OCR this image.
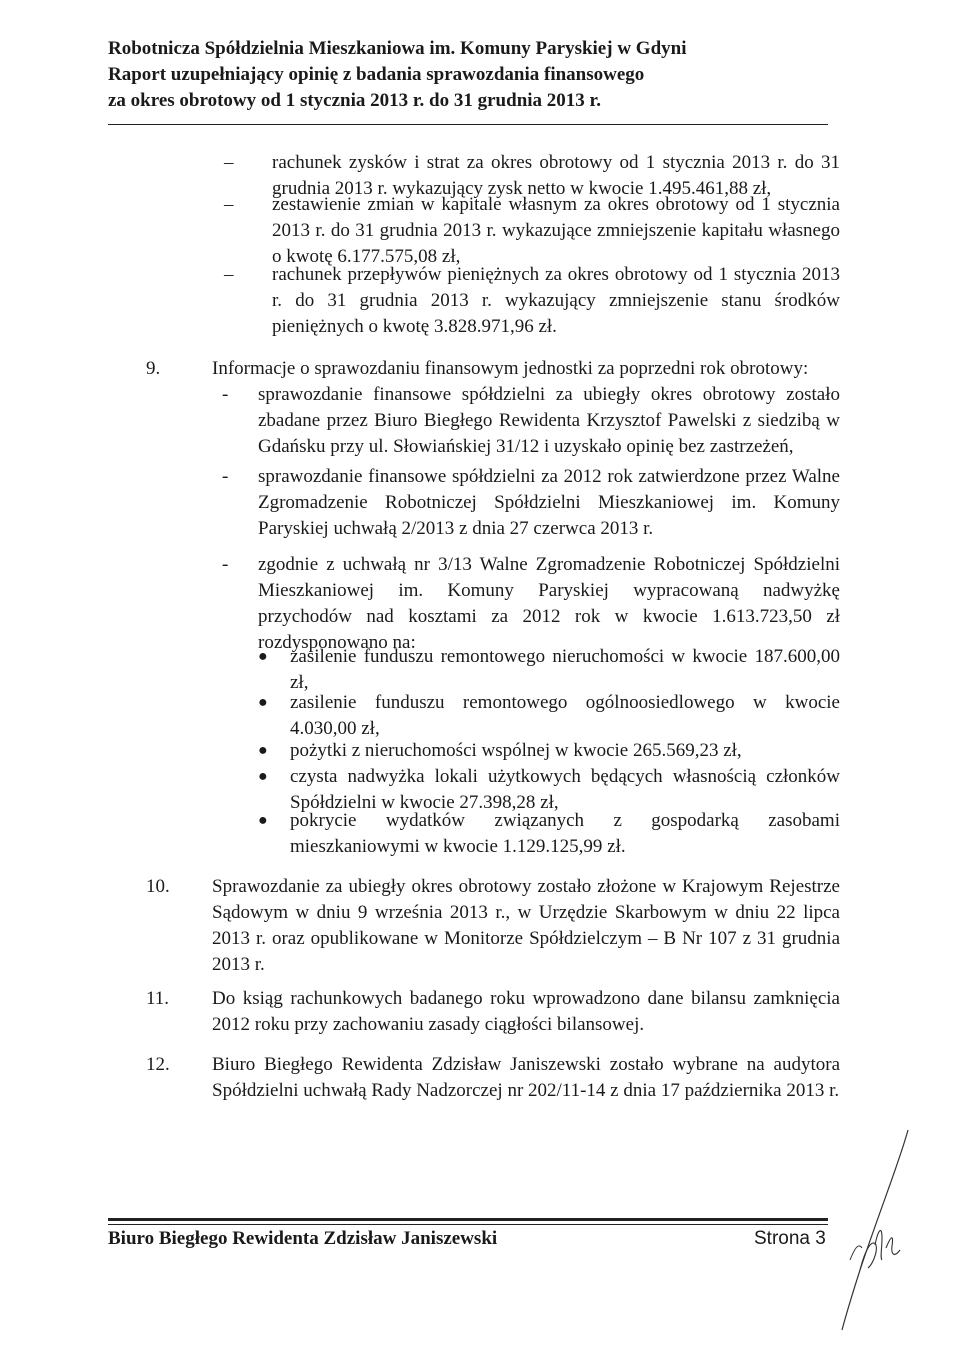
Robotnicza Spółdzielnia Mieszkaniowa im. Komuny Paryskiej w Gdyni
Raport uzupełniający opinię z badania sprawozdania finansowego
za okres obrotowy od 1 stycznia 2013 r. do 31 grudnia 2013 r.
–	rachunek zysków i strat za okres obrotowy od 1 stycznia 2013 r. do 31 grudnia 2013 r. wykazujący zysk netto w kwocie 1.495.461,88 zł,
–	zestawienie zmian w kapitale własnym za okres obrotowy od 1 stycznia 2013 r. do 31 grudnia 2013 r. wykazujące zmniejszenie kapitału własnego o kwotę 6.177.575,08 zł,
–	rachunek przepływów pieniężnych za okres obrotowy od 1 stycznia 2013 r. do 31 grudnia 2013 r. wykazujący zmniejszenie stanu środków pieniężnych o kwotę 3.828.971,96 zł.
9.	Informacje o sprawozdaniu finansowym jednostki za poprzedni rok obrotowy:
-	sprawozdanie finansowe spółdzielni za ubiegły okres obrotowy zostało zbadane przez Biuro Biegłego Rewidenta Krzysztof Pawelski z siedzibą w Gdańsku przy ul. Słowiańskiej 31/12 i uzyskało opinię bez zastrzeżeń,
-	sprawozdanie finansowe spółdzielni za 2012 rok zatwierdzone przez Walne Zgromadzenie Robotniczej Spółdzielni Mieszkaniowej im. Komuny Paryskiej uchwałą 2/2013 z dnia 27 czerwca 2013 r.
-	zgodnie z uchwałą nr 3/13 Walne Zgromadzenie Robotniczej Spółdzielni Mieszkaniowej im. Komuny Paryskiej wypracowaną nadwyżkę przychodów nad kosztami za 2012 rok w kwocie 1.613.723,50 zł rozdysponowano na:
● zasilenie funduszu remontowego nieruchomości w kwocie 187.600,00 zł,
● zasilenie funduszu remontowego ogólnoosiedlowego w kwocie 4.030,00 zł,
● pożytki z nieruchomości wspólnej w kwocie 265.569,23 zł,
● czysta nadwyżka lokali użytkowych będących własnością członków Spółdzielni w kwocie 27.398,28 zł,
● pokrycie wydatków związanych z gospodarką zasobami mieszkaniowymi w kwocie 1.129.125,99 zł.
10.	Sprawozdanie za ubiegły okres obrotowy zostało złożone w Krajowym Rejestrze Sądowym w dniu 9 września 2013 r., w Urzędzie Skarbowym w dniu 22 lipca 2013 r. oraz opublikowane w Monitorze Spółdzielczym – B Nr 107 z 31 grudnia 2013 r.
11.	Do ksiąg rachunkowych badanego roku wprowadzono dane bilansu zamknięcia 2012 roku przy zachowaniu zasady ciągłości bilansowej.
12.	Biuro Biegłego Rewidenta Zdzisław Janiszewski zostało wybrane na audytora Spółdzielni uchwałą Rady Nadzorczej nr 202/11-14 z dnia 17 października 2013 r.
Biuro Biegłego Rewidenta Zdzisław Janiszewski	Strona 3
